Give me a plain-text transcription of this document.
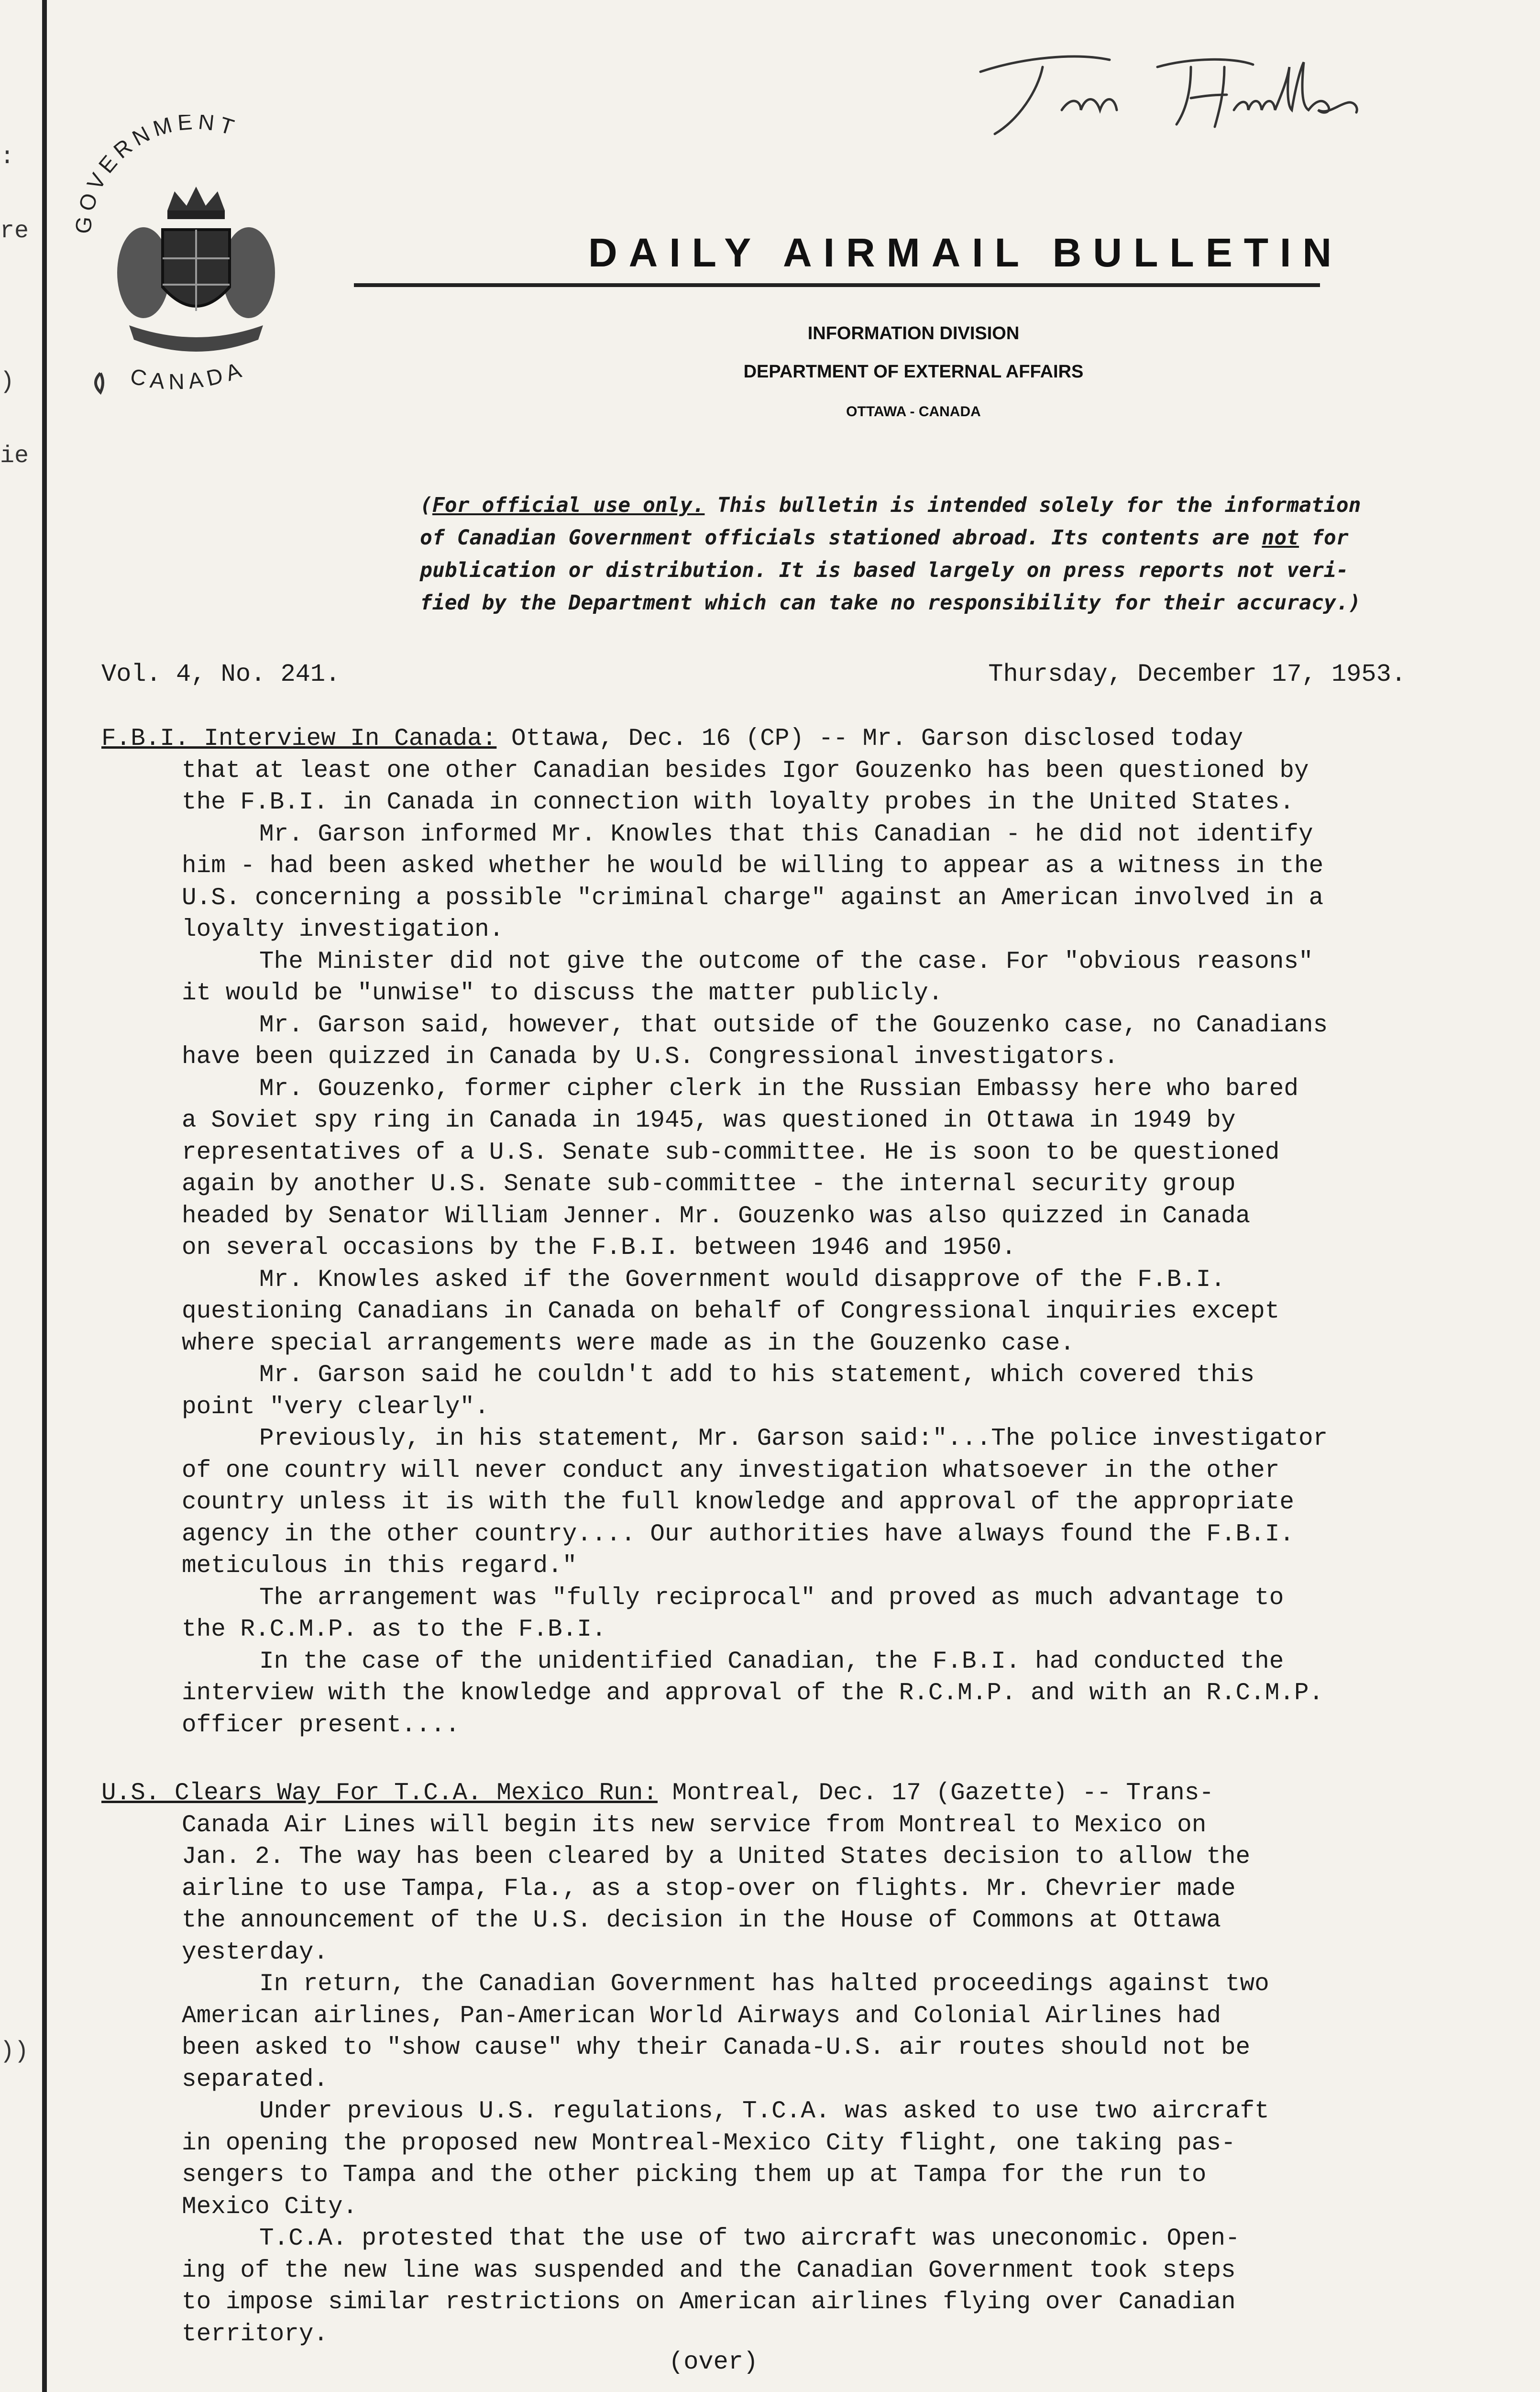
:
re
)
ie
))
GOVERNMENT
CANADA
DAILY AIRMAIL BULLETIN
INFORMATION DIVISION
DEPARTMENT OF EXTERNAL AFFAIRS
OTTAWA - CANADA

(For official use only. This bulletin is intended solely for the information

of Canadian Government officials stationed abroad. Its contents are not for

publication or distribution. It is based largely on press reports not veri-

fied by the Department which can take no responsibility for their accuracy.)

Vol. 4, No. 241.	Thursday, December 17, 1953.

F.B.I. Interview In Canada: Ottawa, Dec. 16 (CP) -- Mr. Garson disclosed today

that at least one other Canadian besides Igor Gouzenko has been questioned by

the F.B.I. in Canada in connection with loyalty probes in the United States.

Mr. Garson informed Mr. Knowles that this Canadian - he did not identify

him - had been asked whether he would be willing to appear as a witness in the

U.S. concerning a possible "criminal charge" against an American involved in a

loyalty investigation.

The Minister did not give the outcome of the case. For "obvious reasons"

it would be "unwise" to discuss the matter publicly.

Mr. Garson said, however, that outside of the Gouzenko case, no Canadians

have been quizzed in Canada by U.S. Congressional investigators.

Mr. Gouzenko, former cipher clerk in the Russian Embassy here who bared

a Soviet spy ring in Canada in 1945, was questioned in Ottawa in 1949 by

representatives of a U.S. Senate sub-committee. He is soon to be questioned

again by another U.S. Senate sub-committee - the internal security group

headed by Senator William Jenner. Mr. Gouzenko was also quizzed in Canada

on several occasions by the F.B.I. between 1946 and 1950.

Mr. Knowles asked if the Government would disapprove of the F.B.I.

questioning Canadians in Canada on behalf of Congressional inquiries except

where special arrangements were made as in the Gouzenko case.

Mr. Garson said he couldn't add to his statement, which covered this

point "very clearly".

Previously, in his statement, Mr. Garson said:"...The police investigator

of one country will never conduct any investigation whatsoever in the other

country unless it is with the full knowledge and approval of the appropriate

agency in the other country.... Our authorities have always found the F.B.I.

meticulous in this regard."

The arrangement was "fully reciprocal" and proved as much advantage to

the R.C.M.P. as to the F.B.I.

In the case of the unidentified Canadian, the F.B.I. had conducted the

interview with the knowledge and approval of the R.C.M.P. and with an R.C.M.P.

officer present....

U.S. Clears Way For T.C.A. Mexico Run: Montreal, Dec. 17 (Gazette) -- Trans-

Canada Air Lines will begin its new service from Montreal to Mexico on

Jan. 2. The way has been cleared by a United States decision to allow the

airline to use Tampa, Fla., as a stop-over on flights. Mr. Chevrier made

the announcement of the U.S. decision in the House of Commons at Ottawa

yesterday.

In return, the Canadian Government has halted proceedings against two

American airlines, Pan-American World Airways and Colonial Airlines had

been asked to "show cause" why their Canada-U.S. air routes should not be

separated.

Under previous U.S. regulations, T.C.A. was asked to use two aircraft

in opening the proposed new Montreal-Mexico City flight, one taking pas-

sengers to Tampa and the other picking them up at Tampa for the run to

Mexico City.

T.C.A. protested that the use of two aircraft was uneconomic. Open-

ing of the new line was suspended and the Canadian Government took steps

to impose similar restrictions on American airlines flying over Canadian

territory.

(over)
